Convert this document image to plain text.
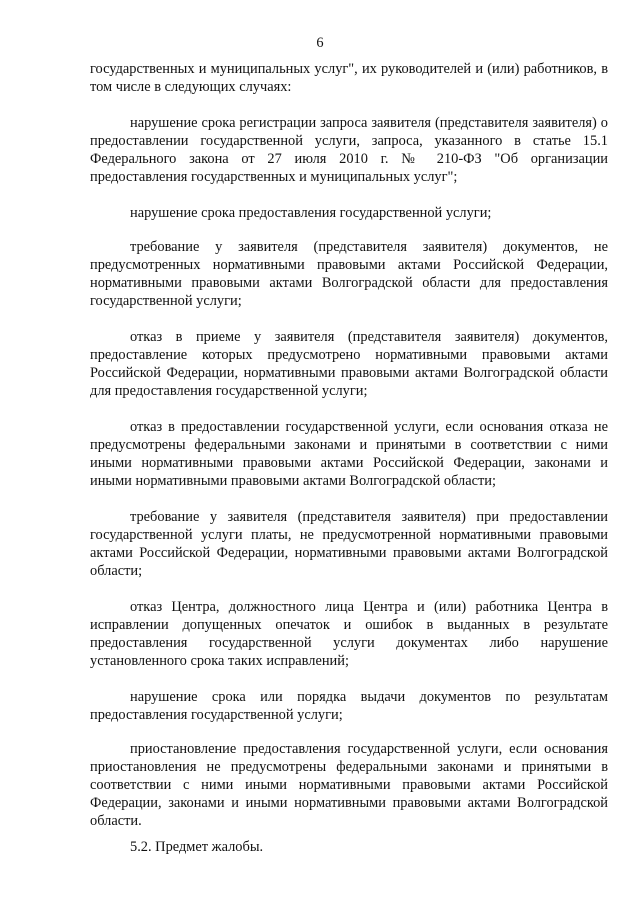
6

государственных и муниципальных услуг", их руководителей и (или) работников, в том числе в следующих случаях:

нарушение срока регистрации запроса заявителя (представителя заявителя) о предоставлении государственной услуги, запроса, указанного в статье 15.1 Федерального закона от 27 июля 2010 г. № 210-ФЗ "Об организации предоставления государственных и муниципальных услуг";

нарушение срока предоставления государственной услуги;

требование у заявителя (представителя заявителя) документов, не предусмотренных нормативными правовыми актами Российской Федерации, нормативными правовыми актами Волгоградской области для предоставления государственной услуги;

отказ в приеме у заявителя (представителя заявителя) документов, предоставление которых предусмотрено нормативными правовыми актами Российской Федерации, нормативными правовыми актами Волгоградской области для предоставления государственной услуги;

отказ в предоставлении государственной услуги, если основания отказа не предусмотрены федеральными законами и принятыми в соответствии с ними иными нормативными правовыми актами Российской Федерации, законами и иными нормативными правовыми актами Волгоградской области;

требование у заявителя (представителя заявителя) при предоставлении государственной услуги платы, не предусмотренной нормативными правовыми актами Российской Федерации, нормативными правовыми актами Волгоградской области;

отказ Центра, должностного лица Центра и (или) работника Центра в исправлении допущенных опечаток и ошибок в выданных в результате предоставления государственной услуги документах либо нарушение установленного срока таких исправлений;

нарушение срока или порядка выдачи документов по результатам предоставления государственной услуги;

приостановление предоставления государственной услуги, если основания приостановления не предусмотрены федеральными законами и принятыми в соответствии с ними иными нормативными правовыми актами Российской Федерации, законами и иными нормативными правовыми актами Волгоградской области.

5.2. Предмет жалобы.
